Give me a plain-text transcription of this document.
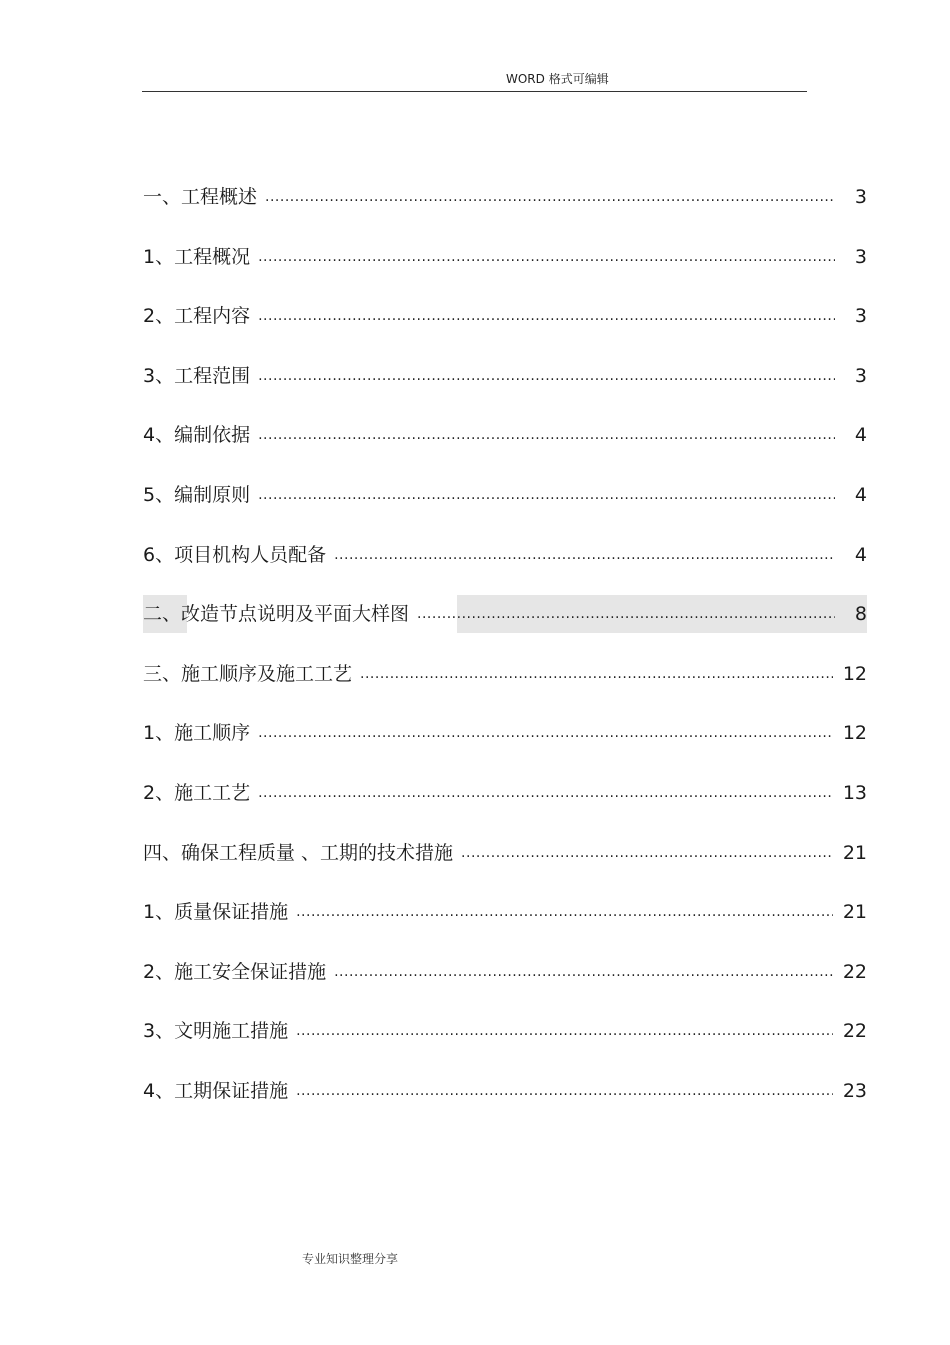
WORD 格式可编辑
一、工程概述 .....	3
1、工程概况 .....	3
2、工程内容 .....	3
3、工程范围 .....	3
4、编制依据 .....	4
5、编制原则 .....	4
6、项目机构人员配备 .....	4
二、改造节点说明及平面大样图 .....	8
三、施工顺序及施工工艺 .....	12
1、施工顺序 .....	12
2、施工工艺 .....	13
四、确保工程质量 、工期的技术措施 .....	21
1、质量保证措施 .....	21
2、施工安全保证措施 .....	22
3、文明施工措施 .....	22
4、工期保证措施 .....	23
专业知识整理分享
